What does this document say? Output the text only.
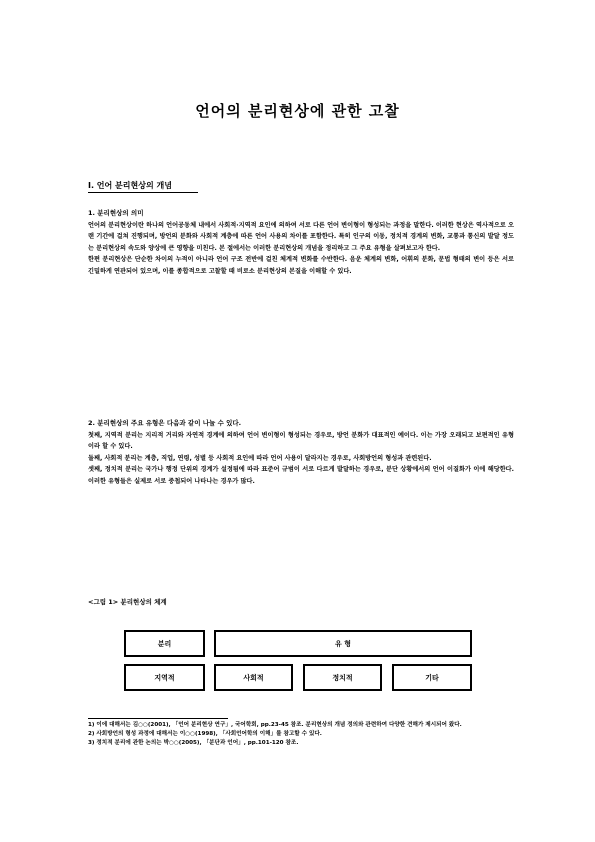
언어의 분리현상에 관한 고찰
I. 언어 분리현상의 개념
1. 분리현상의 의미
언어의 분리현상이란 하나의 언어공동체 내에서 사회적·지역적 요인에 의하여 서로 다른 언어 변이형이 형성되는 과정을 말한다. 이러한 현상은 역사적으로 오랜 기간에 걸쳐 진행되며, 방언의 분화와 사회적 계층에 따른 언어 사용의 차이를 포함한다. 특히 인구의 이동, 정치적 경계의 변화, 교통과 통신의 발달 정도는 분리현상의 속도와 양상에 큰 영향을 미친다. 본 절에서는 이러한 분리현상의 개념을 정리하고 그 주요 유형을 살펴보고자 한다.
한편 분리현상은 단순한 차이의 누적이 아니라 언어 구조 전반에 걸친 체계적 변화를 수반한다. 음운 체계의 변화, 어휘의 분화, 문법 형태의 변이 등은 서로 긴밀하게 연관되어 있으며, 이를 종합적으로 고찰할 때 비로소 분리현상의 본질을 이해할 수 있다.
2. 분리현상의 주요 유형은 다음과 같이 나눌 수 있다.
첫째, 지역적 분리는 지리적 거리와 자연적 경계에 의하여 언어 변이형이 형성되는 경우로, 방언 분화가 대표적인 예이다. 이는 가장 오래되고 보편적인 유형이라 할 수 있다.
둘째, 사회적 분리는 계층, 직업, 연령, 성별 등 사회적 요인에 따라 언어 사용이 달라지는 경우로, 사회방언의 형성과 관련된다.
셋째, 정치적 분리는 국가나 행정 단위의 경계가 설정됨에 따라 표준어 규범이 서로 다르게 발달하는 경우로, 분단 상황에서의 언어 이질화가 이에 해당한다. 이러한 유형들은 실제로 서로 중첩되어 나타나는 경우가 많다.
<그림 1> 분리현상의 체계
분리	유 형
지역적	사회적	정치적	기타
1) 이에 대해서는 김○○(2001), 「언어 분리현상 연구」, 국어학회, pp.23-45 참조. 분리현상의 개념 정의와 관련하여 다양한 견해가 제시되어 왔다.
2) 사회방언의 형성 과정에 대해서는 이○○(1998), 「사회언어학의 이해」를 참고할 수 있다.
3) 정치적 분리에 관한 논의는 박○○(2005), 「분단과 언어」, pp.101-120 참조.
